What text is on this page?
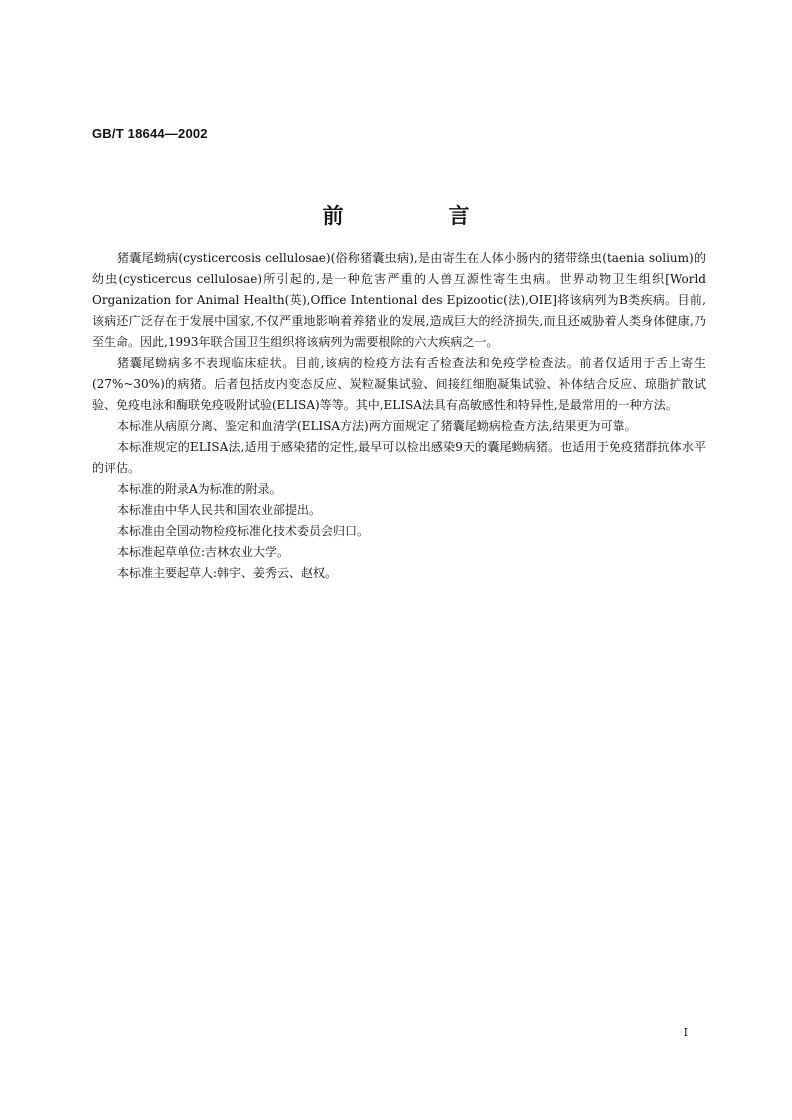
GB/T 18644—2002
前　言

猪囊尾蚴病(cysticercosis cellulosae)(俗称猪囊虫病),是由寄生在人体小肠内的猪带绦虫(taenia solium)的幼虫(cysticercus cellulosae)所引起的,是一种危害严重的人兽互源性寄生虫病。世界动物卫生组织[World Organization for Animal Health(英),Office Intentional des Epizootic(法),OIE]将该病列为B类疾病。目前,该病还广泛存在于发展中国家,不仅严重地影响着养猪业的发展,造成巨大的经济损失,而且还威胁着人类身体健康,乃至生命。因此,1993年联合国卫生组织将该病列为需要根除的六大疾病之一。

猪囊尾蚴病多不表现临床症状。目前,该病的检疫方法有舌检查法和免疫学检查法。前者仅适用于舌上寄生(27%~30%)的病猪。后者包括皮内变态反应、炭粒凝集试验、间接红细胞凝集试验、补体结合反应、琼脂扩散试验、免疫电泳和酶联免疫吸附试验(ELISA)等等。其中,ELISA法具有高敏感性和特异性,是最常用的一种方法。

本标准从病原分离、鉴定和血清学(ELISA方法)两方面规定了猪囊尾蚴病检查方法,结果更为可靠。

本标准规定的ELISA法,适用于感染猪的定性,最早可以检出感染9天的囊尾蚴病猪。也适用于免疫猪群抗体水平的评估。

本标准的附录A为标准的附录。

本标准由中华人民共和国农业部提出。

本标准由全国动物检疫标准化技术委员会归口。

本标准起草单位:吉林农业大学。

本标准主要起草人:韩宇、姜秀云、赵权。

I
